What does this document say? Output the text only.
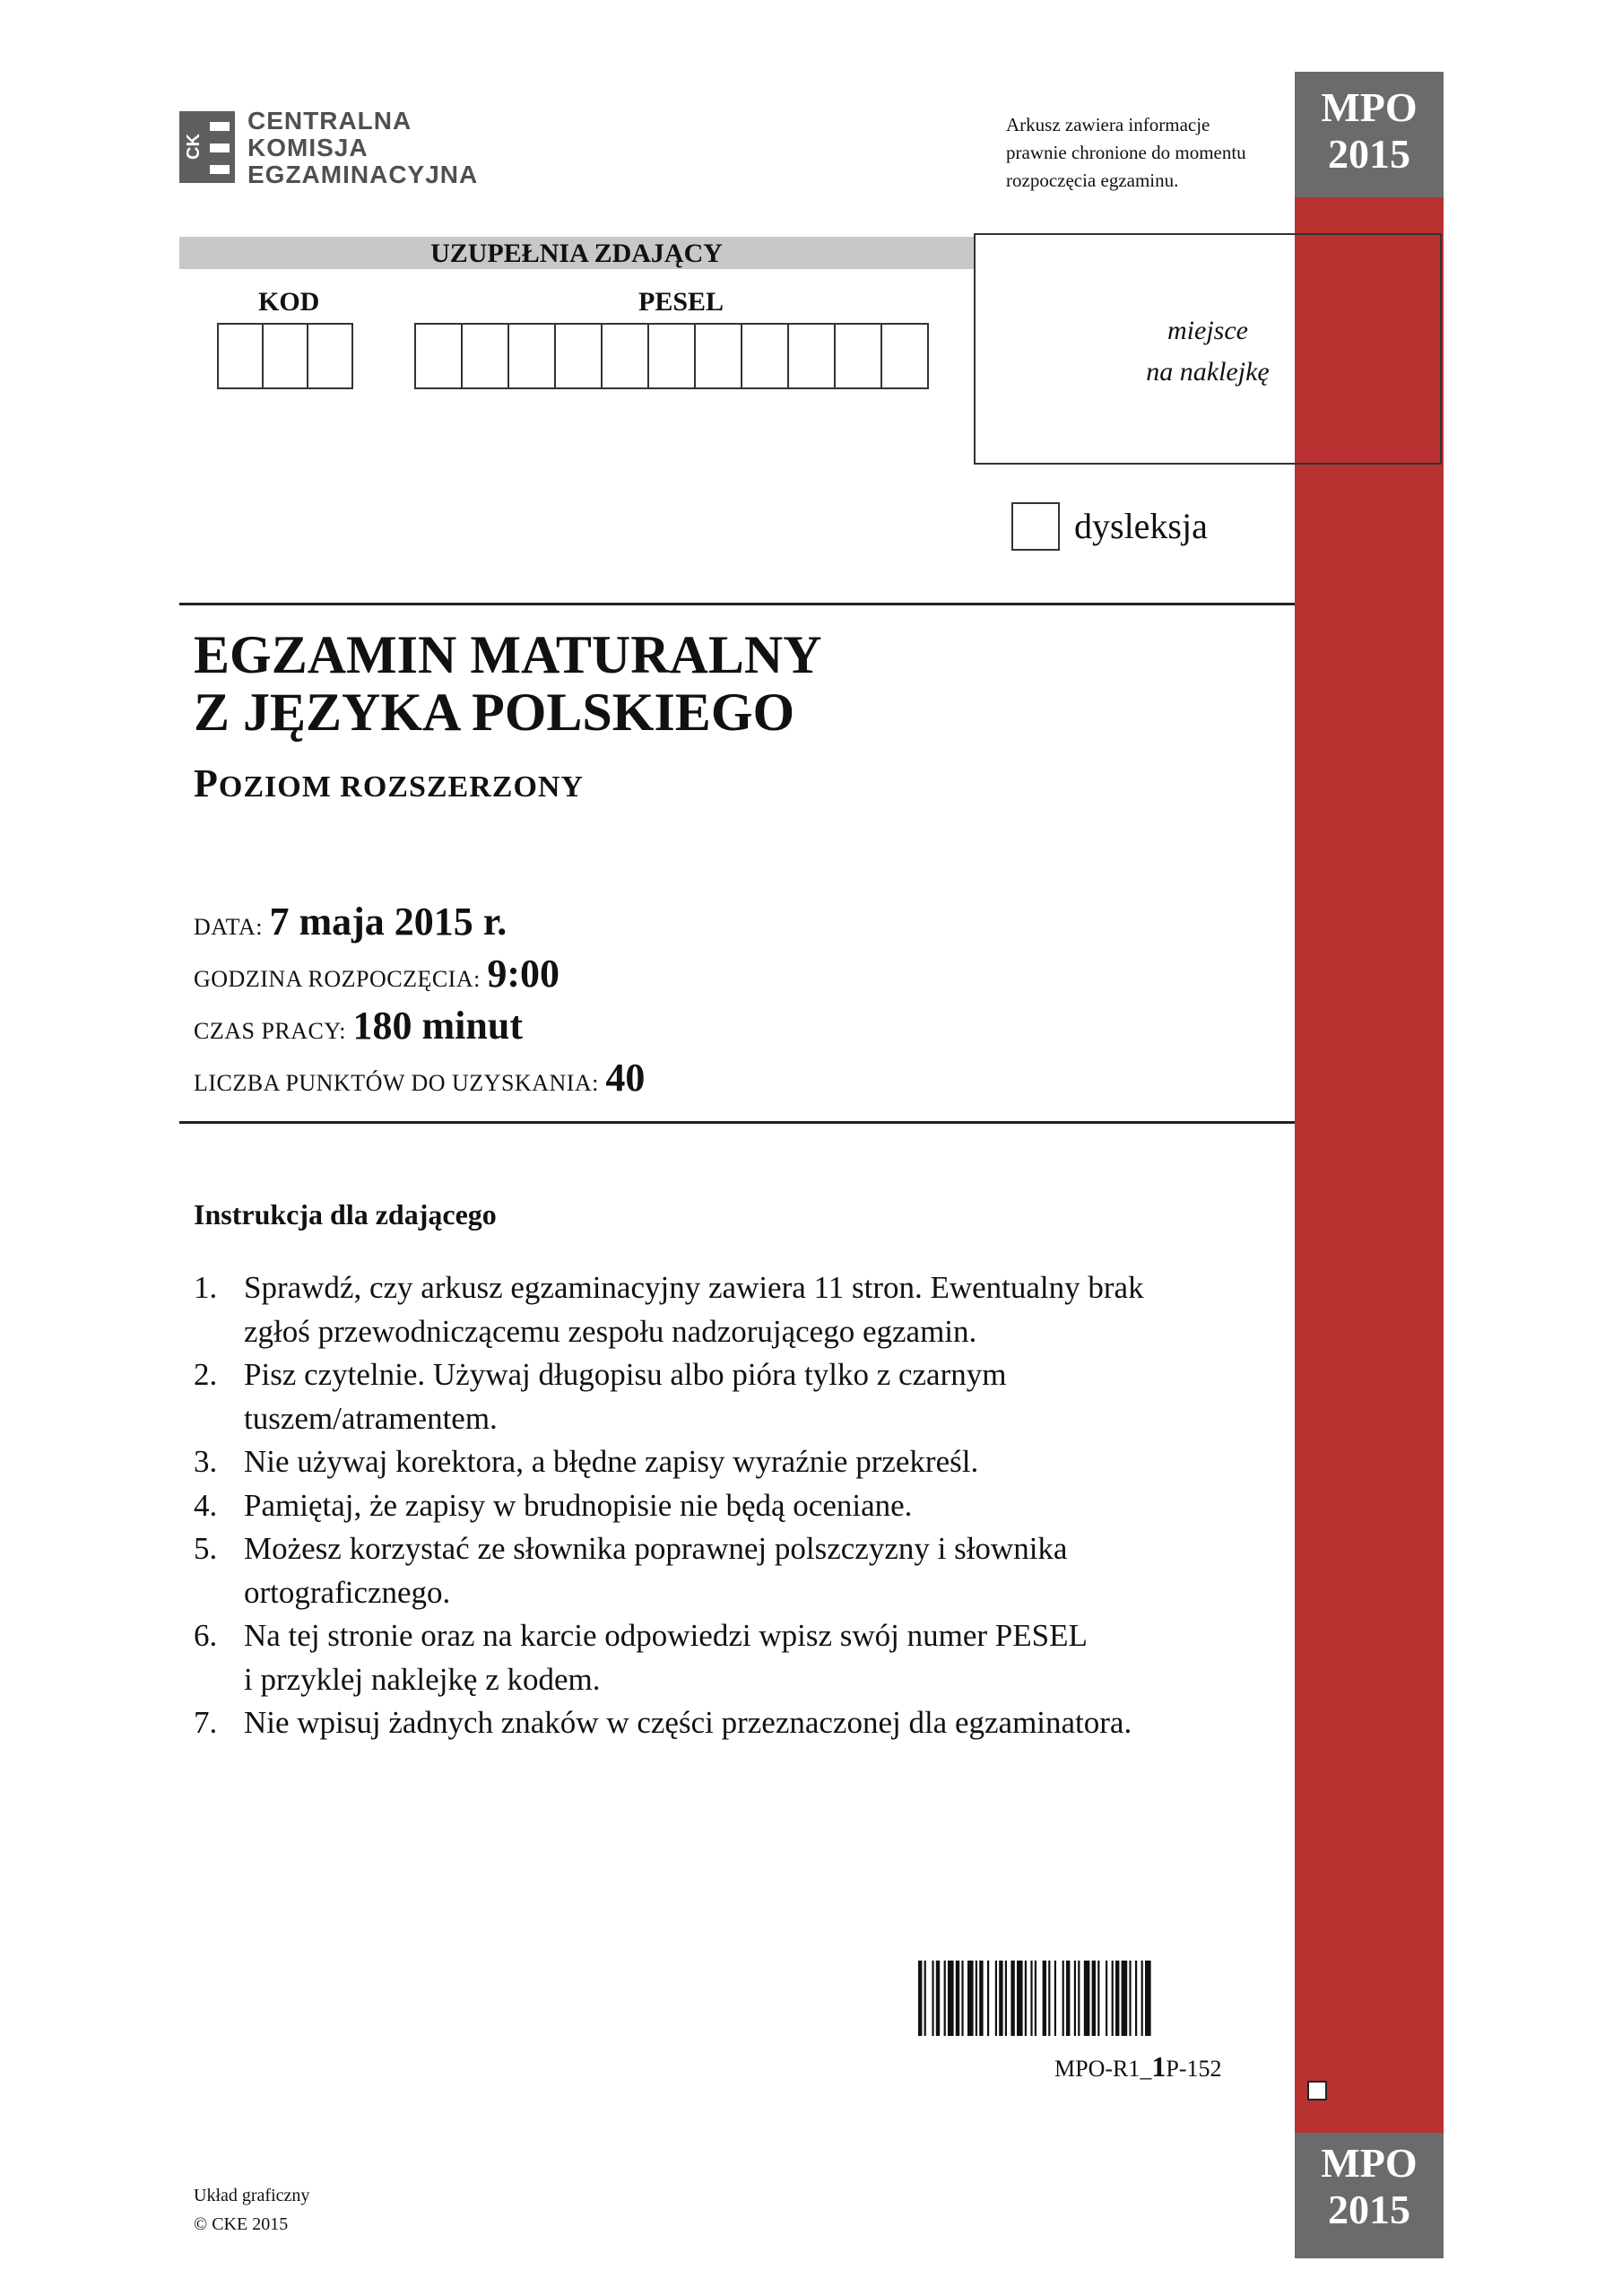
CK
CENTRALNA
KOMISJA
EGZAMINACYJNA
Arkusz zawiera informacje
prawnie chronione do momentu
rozpoczęcia egzaminu.
MPO
2015
MPO
2015
UZUPEŁNIA ZDAJĄCY
KOD	PESEL
miejsce
na naklejkę
dysleksja
EGZAMIN MATURALNY
Z JĘZYKA POLSKIEGO
POZIOM ROZSZERZONY
DATA: 7 maja 2015 r.
GODZINA ROZPOCZĘCIA: 9:00
CZAS PRACY: 180 minut
LICZBA PUNKTÓW DO UZYSKANIA: 40
Instrukcja dla zdającego
1. Sprawdź, czy arkusz egzaminacyjny zawiera 11 stron. Ewentualny brak
zgłoś przewodniczącemu zespołu nadzorującego egzamin.
2. Pisz czytelnie. Używaj długopisu albo pióra tylko z czarnym
tuszem/atramentem.
3. Nie używaj korektora, a błędne zapisy wyraźnie przekreśl.
4. Pamiętaj, że zapisy w brudnopisie nie będą oceniane.
5. Możesz korzystać ze słownika poprawnej polszczyzny i słownika
ortograficznego.
6. Na tej stronie oraz na karcie odpowiedzi wpisz swój numer PESEL
i przyklej naklejkę z kodem.
7. Nie wpisuj żadnych znaków w części przeznaczonej dla egzaminatora.
MPO-R1_1P-152
Układ graficzny
© CKE 2015
